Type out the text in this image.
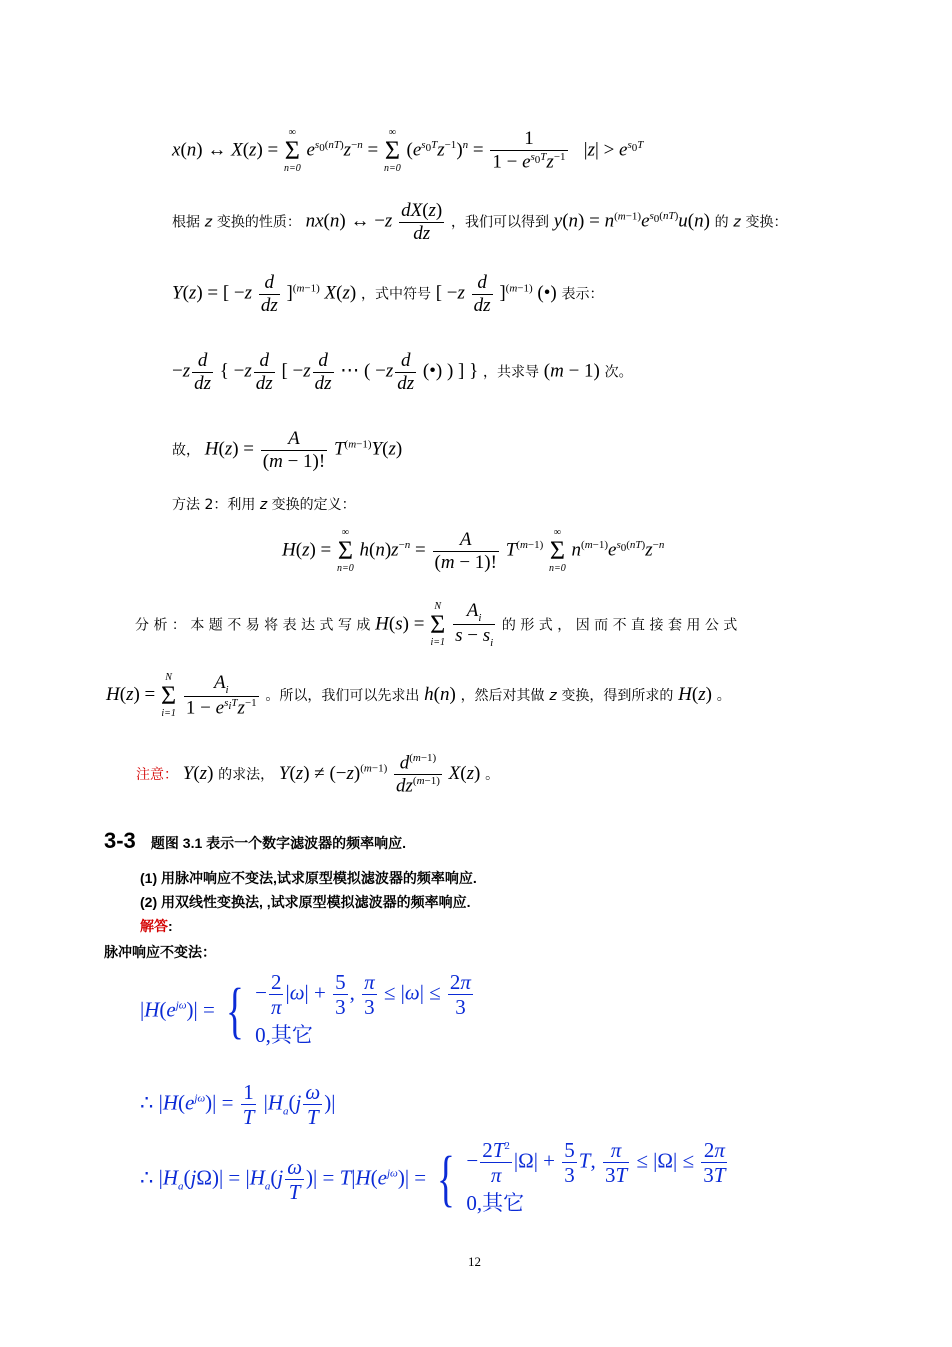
x(n) ↔ X(z) =
∞
Σ
n=0
$e^{s_0(nT)}z^{-n}$ =
∞
Σ
n=0
$(e^{s_0T}z^{-1})^n = \frac{1}{1 - e^{s_0T}z^{-1}} |z| > e^{s_0T}$
根据 z 变换的性质： nx(n) ↔ $-z \frac{dX(z)}{dz}$ ，我们可以得到 $y(n) = n^{(m-1)}e^{s_0(nT)}u(n)$ 的 z 变换：
Y(z) = [ $-z \frac{d}{dz} ]^{(m-1)}$ X(z) ，式中符号 [ $-z \frac{d}{dz} ]^{(m-1)}$ (•) 表示：
$-z \frac{d}{dz}$ { $-z \frac{d}{dz}$ [ $-z \frac{d}{dz}$ ⋯ ( $-z \frac{d}{dz}$ (•) ) ] } ，共求导 (m − 1) 次。
故， $H(z) = \frac{A}{(m - 1)!} T^{(m-1)}Y(z)$
方法 2：利用 z 变换的定义：
H(z) =
∞
Σ
n=0
$h(n)z^{-n} = \frac{A}{(m - 1)!} T^{(m-1)}$
∞
Σ
n=0
$n^{(m-1)}e^{s_0(nT)}z^{-n}$
分 析 ： 本 题 不 易 将 表 达 式 写 成 H(s) =
N
Σ
i=1
$\frac{A_i}{s - s_i}$ 的 形 式 ， 因 而 不 直 接 套 用 公 式
H(z) =
N
Σ
i=1
$\frac{A_i}{1 - e^{s_iT}z^{-1}}$ 。所以，我们可以先求出 h(n) ，然后对其做 z 变换，得到所求的 H(z) 。
注意： Y(z) 的求法， $Y(z) \ne (-z)^{(m-1)} \frac{d^{(m-1)}}{dz^{(m-1)}} X(z)$ 。
3-3 题图 3.1 表示一个数字滤波器的频率响应.
(1) 用脉冲响应不变法,试求原型模拟滤波器的频率响应.
(2) 用双线性变换法, ,试求原型模拟滤波器的频率响应.
解答:
脉冲响应不变法：
$|H(e^{j\omega})|$ = { − $\frac{2}{\pi} |\omega| + \frac{5}{3}$ , $\frac{\pi}{3} \le |\omega| \le \frac{2\pi}{3}$
0,其它
∴ $|H(e^{j\omega})| = \frac{1}{T} |H_a(j \frac{\omega}{T}$ )|
∴ $|H_a(j\Omega)| = |H_a(j \frac{\omega}{T}$ )| = $T|H(e^{j\omega})|$ = { − $\frac{2T^2}{\pi} |\Omega| + \frac{5}{3} T$, $\frac{\pi}{3T} \le |\Omega| \le \frac{2\pi}{3T}$
0,其它
12
